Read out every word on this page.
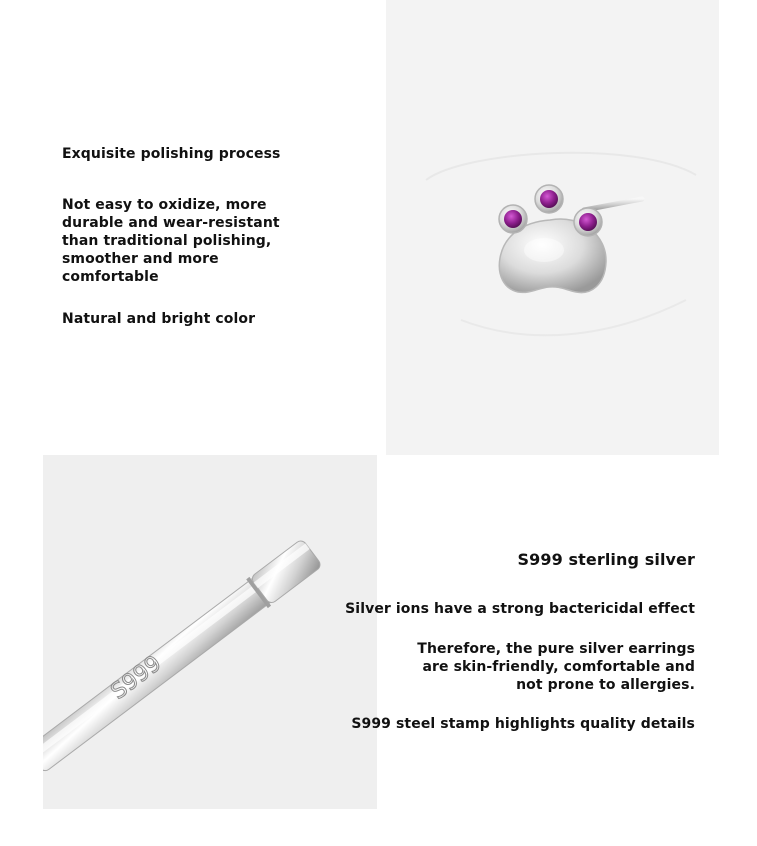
Exquisite polishing process
Not easy to oxidize, more
durable and wear-resistant
than traditional polishing,
smoother and more
comfortable
Natural and bright color
S999
S999 sterling silver
Silver ions have a strong bactericidal effect
Therefore, the pure silver earrings
are skin-friendly, comfortable and
not prone to allergies.
S999 steel stamp highlights quality details
